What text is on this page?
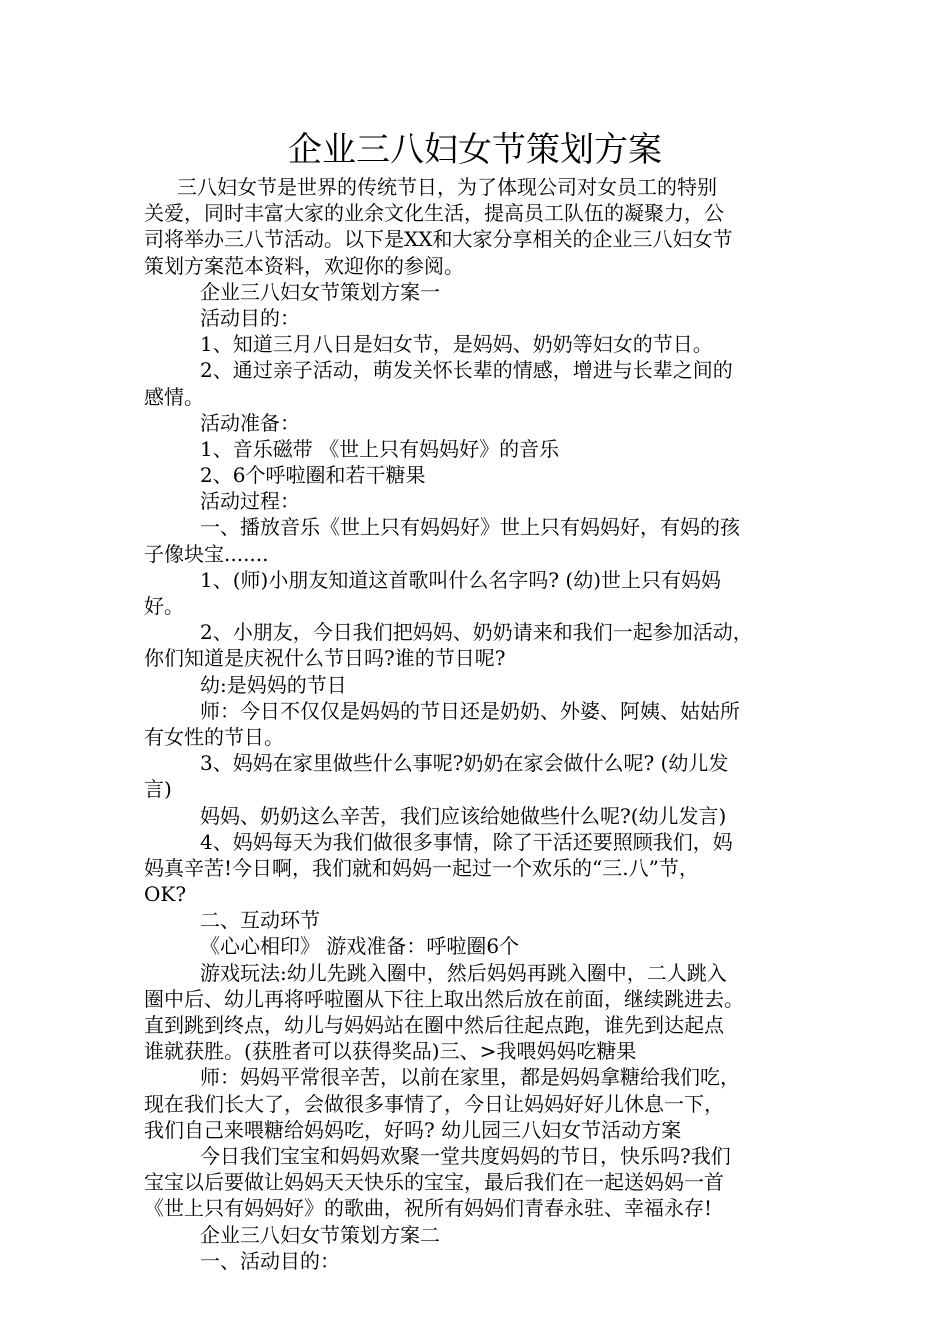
企业三八妇女节策划方案
三八妇女节是世界的传统节日，为了体现公司对女员工的特别
关爱，同时丰富大家的业余文化生活，提高员工队伍的凝聚力，公
司将举办三八节活动。以下是XX和大家分享相关的企业三八妇女节
策划方案范本资料，欢迎你的参阅。
企业三八妇女节策划方案一
活动目的：
1、知道三月八日是妇女节，是妈妈、奶奶等妇女的节日。
2、通过亲子活动，萌发关怀长辈的情感，增进与长辈之间的
感情。
活动准备：
1、音乐磁带 《世上只有妈妈好》的音乐
2、6个呼啦圈和若干糖果
活动过程：
一、播放音乐《世上只有妈妈好》世上只有妈妈好，有妈的孩
子像块宝.......
1、(师)小朋友知道这首歌叫什么名字吗? (幼)世上只有妈妈
好。
2、小朋友，今日我们把妈妈、奶奶请来和我们一起参加活动，
你们知道是庆祝什么节日吗?谁的节日呢?
幼:是妈妈的节日
师：今日不仅仅是妈妈的节日还是奶奶、外婆、阿姨、姑姑所
有女性的节日。
3、妈妈在家里做些什么事呢?奶奶在家会做什么呢? (幼儿发
言)
妈妈、奶奶这么辛苦，我们应该给她做些什么呢?(幼儿发言)
4、妈妈每天为我们做很多事情，除了干活还要照顾我们，妈
妈真辛苦!今日啊，我们就和妈妈一起过一个欢乐的“三.八”节，
OK?
二、互动环节
《心心相印》 游戏准备：呼啦圈6个
游戏玩法:幼儿先跳入圈中，然后妈妈再跳入圈中，二人跳入
圈中后、幼儿再将呼啦圈从下往上取出然后放在前面，继续跳进去。
直到跳到终点，幼儿与妈妈站在圈中然后往起点跑，谁先到达起点
谁就获胜。(获胜者可以获得奖品)三、>我喂妈妈吃糖果
师：妈妈平常很辛苦，以前在家里，都是妈妈拿糖给我们吃，
现在我们长大了，会做很多事情了，今日让妈妈好好儿休息一下，
我们自己来喂糖给妈妈吃，好吗? 幼儿园三八妇女节活动方案
今日我们宝宝和妈妈欢聚一堂共度妈妈的节日，快乐吗?我们
宝宝以后要做让妈妈天天快乐的宝宝，最后我们在一起送妈妈一首
《世上只有妈妈好》的歌曲，祝所有妈妈们青春永驻、幸福永存!
企业三八妇女节策划方案二
一、活动目的：
